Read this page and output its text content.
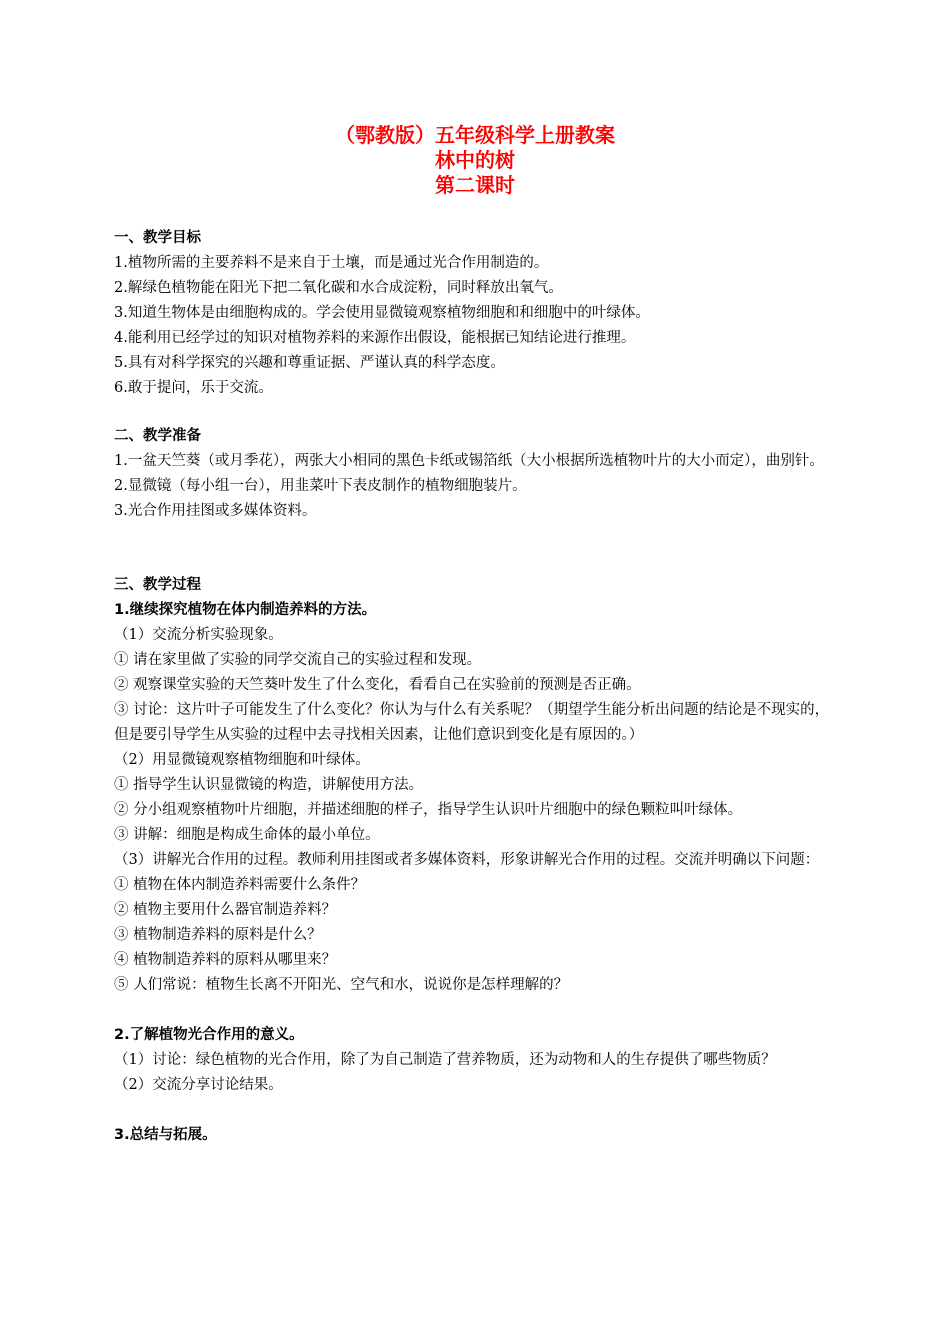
（鄂教版）五年级科学上册教案
林中的树
第二课时
一、教学目标
1.植物所需的主要养料不是来自于土壤，而是通过光合作用制造的。
2.解绿色植物能在阳光下把二氧化碳和水合成淀粉，同时释放出氧气。
3.知道生物体是由细胞构成的。学会使用显微镜观察植物细胞和和细胞中的叶绿体。
4.能利用已经学过的知识对植物养料的来源作出假设，能根据已知结论进行推理。
5.具有对科学探究的兴趣和尊重证据、严谨认真的科学态度。
6.敢于提问，乐于交流。
二、教学准备
1.一盆天竺葵（或月季花），两张大小相同的黑色卡纸或锡箔纸（大小根据所选植物叶片的大小而定），曲别针。
2.显微镜（每小组一台），用韭菜叶下表皮制作的植物细胞装片。
3.光合作用挂图或多媒体资料。
三、教学过程
1.继续探究植物在体内制造养料的方法。
（1）交流分析实验现象。
① 请在家里做了实验的同学交流自己的实验过程和发现。
② 观察课堂实验的天竺葵叶发生了什么变化，看看自己在实验前的预测是否正确。
③ 讨论：这片叶子可能发生了什么变化？你认为与什么有关系呢？（期望学生能分析出问题的结论是不现实的，但是要引导学生从实验的过程中去寻找相关因素，让他们意识到变化是有原因的。）
（2）用显微镜观察植物细胞和叶绿体。
① 指导学生认识显微镜的构造，讲解使用方法。
② 分小组观察植物叶片细胞，并描述细胞的样子，指导学生认识叶片细胞中的绿色颗粒叫叶绿体。
③ 讲解：细胞是构成生命体的最小单位。
（3）讲解光合作用的过程。教师利用挂图或者多媒体资料，形象讲解光合作用的过程。交流并明确以下问题：
① 植物在体内制造养料需要什么条件？
② 植物主要用什么器官制造养料？
③ 植物制造养料的原料是什么？
④ 植物制造养料的原料从哪里来？
⑤ 人们常说：植物生长离不开阳光、空气和水，说说你是怎样理解的？
2.了解植物光合作用的意义。
（1）讨论：绿色植物的光合作用，除了为自己制造了营养物质，还为动物和人的生存提供了哪些物质？
（2）交流分享讨论结果。
3.总结与拓展。
